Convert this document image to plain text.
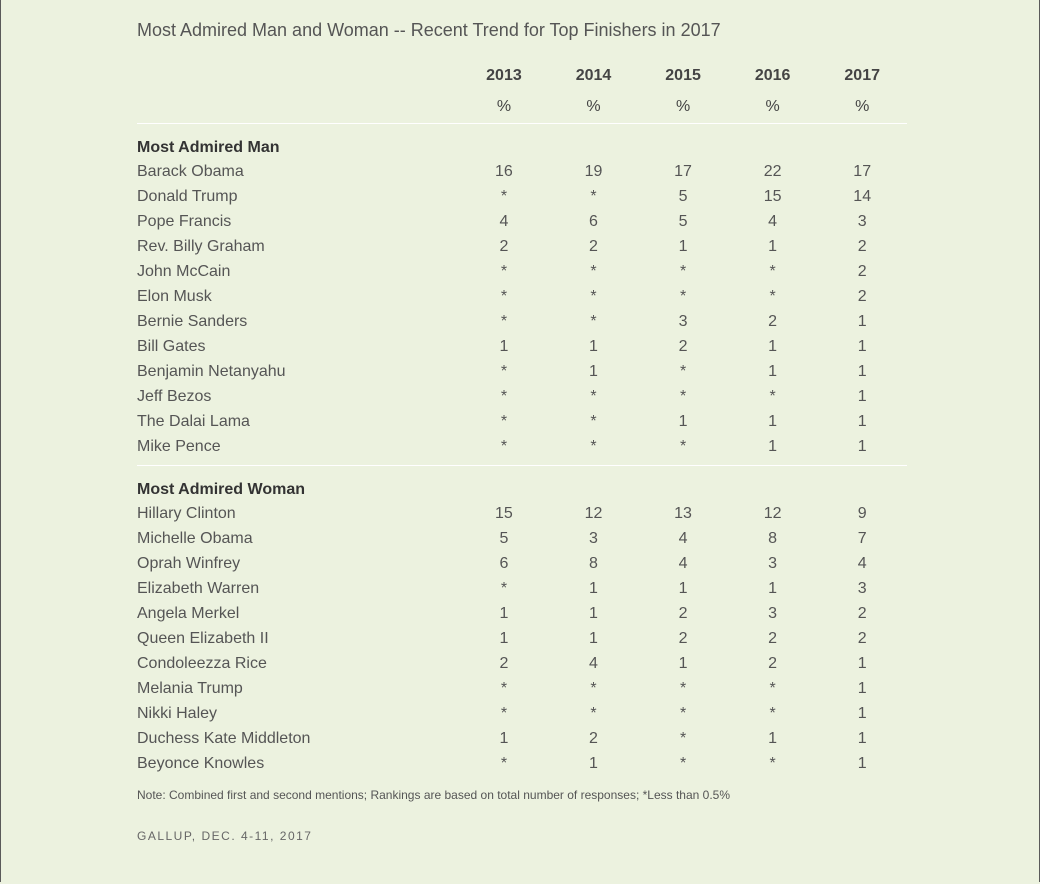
Most Admired Man and Woman -- Recent Trend for Top Finishers in 2017
	2013	2014	2015	2016	2017
	%	%	%	%	%
Most Admired Man					
Barack Obama	16	19	17	22	17
Donald Trump	*	*	5	15	14
Pope Francis	4	6	5	4	3
Rev. Billy Graham	2	2	1	1	2
John McCain	*	*	*	*	2
Elon Musk	*	*	*	*	2
Bernie Sanders	*	*	3	2	1
Bill Gates	1	1	2	1	1
Benjamin Netanyahu	*	1	*	1	1
Jeff Bezos	*	*	*	*	1
The Dalai Lama	*	*	1	1	1
Mike Pence	*	*	*	1	1

Most Admired Woman					
Hillary Clinton	15	12	13	12	9
Michelle Obama	5	3	4	8	7
Oprah Winfrey	6	8	4	3	4
Elizabeth Warren	*	1	1	1	3
Angela Merkel	1	1	2	3	2
Queen Elizabeth II	1	1	2	2	2
Condoleezza Rice	2	4	1	2	1
Melania Trump	*	*	*	*	1
Nikki Haley	*	*	*	*	1
Duchess Kate Middleton	1	2	*	1	1
Beyonce Knowles	*	1	*	*	1
Note: Combined first and second mentions; Rankings are based on total number of responses; *Less than 0.5%
GALLUP, DEC. 4-11, 2017
